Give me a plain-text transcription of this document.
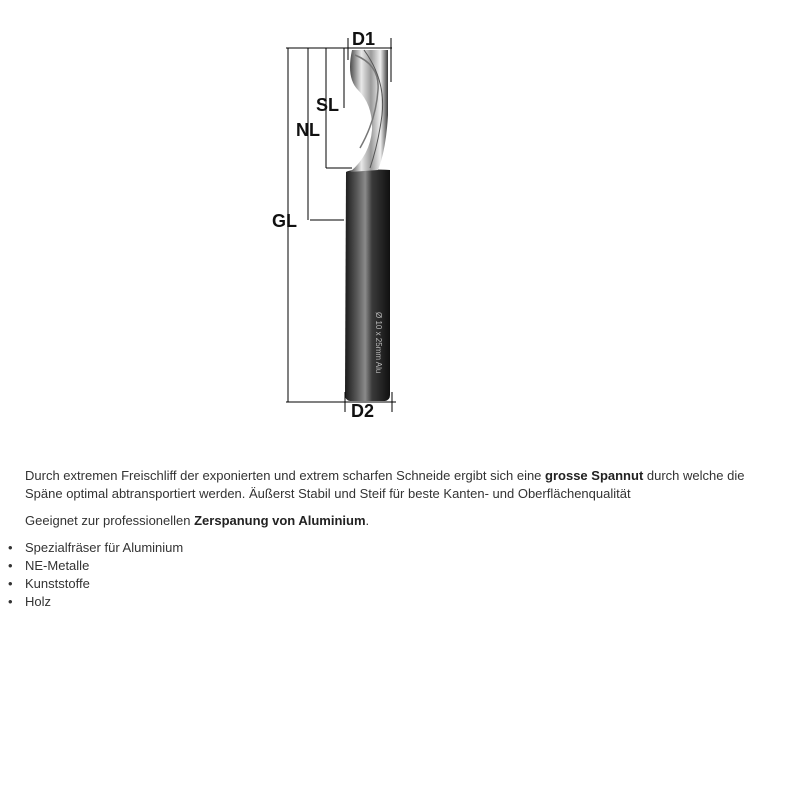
Ø 10 x 25mm Alu
D1
SL
NL
GL
D2

Durch extremen Freischliff der exponierten und extrem scharfen Schneide ergibt sich eine grosse Spannut durch welche die Späne optimal abtransportiert werden. Äußerst Stabil und Steif für beste Kanten- und Oberflächenqualität

Geeignet zur professionellen Zerspanung von Aluminium.

• Spezialfräser für Aluminium
• NE-Metalle
• Kunststoffe
• Holz
